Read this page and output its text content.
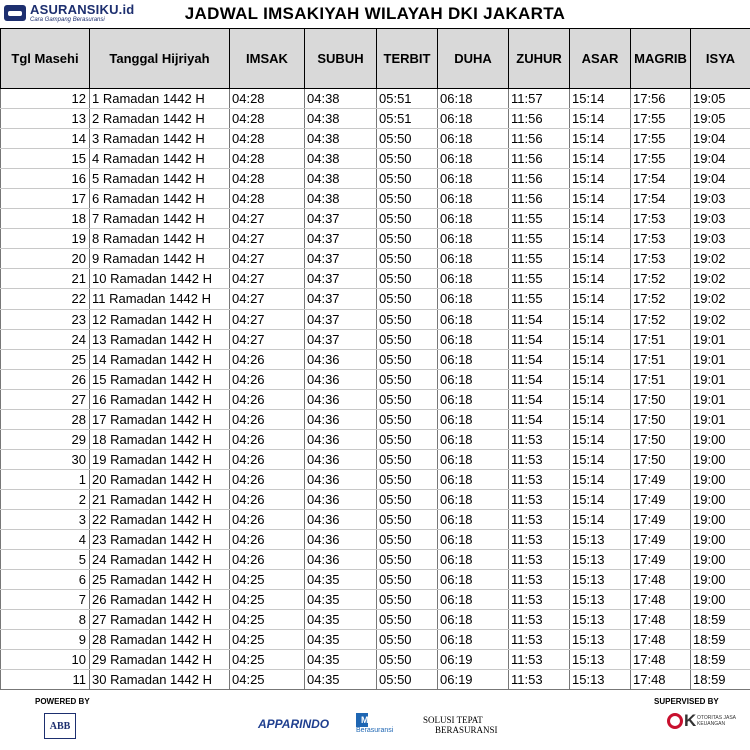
ASURANSIKU.id
Cara Gampang Berasuransi	JADWAL IMSAKIYAH WILAYAH DKI JAKARTA
Tgl Masehi	Tanggal Hijriyah	IMSAK	SUBUH	TERBIT	DUHA	ZUHUR	ASAR	MAGRIB	ISYA
12	1 Ramadan 1442 H	04:28	04:38	05:51	06:18	11:57	15:14	17:56	19:05
13	2 Ramadan 1442 H	04:28	04:38	05:51	06:18	11:56	15:14	17:55	19:05
14	3 Ramadan 1442 H	04:28	04:38	05:50	06:18	11:56	15:14	17:55	19:04
15	4 Ramadan 1442 H	04:28	04:38	05:50	06:18	11:56	15:14	17:55	19:04
16	5 Ramadan 1442 H	04:28	04:38	05:50	06:18	11:56	15:14	17:54	19:04
17	6 Ramadan 1442 H	04:28	04:38	05:50	06:18	11:56	15:14	17:54	19:03
18	7 Ramadan 1442 H	04:27	04:37	05:50	06:18	11:55	15:14	17:53	19:03
19	8 Ramadan 1442 H	04:27	04:37	05:50	06:18	11:55	15:14	17:53	19:03
20	9 Ramadan 1442 H	04:27	04:37	05:50	06:18	11:55	15:14	17:53	19:02
21	10 Ramadan 1442 H	04:27	04:37	05:50	06:18	11:55	15:14	17:52	19:02
22	11 Ramadan 1442 H	04:27	04:37	05:50	06:18	11:55	15:14	17:52	19:02
23	12 Ramadan 1442 H	04:27	04:37	05:50	06:18	11:54	15:14	17:52	19:02
24	13 Ramadan 1442 H	04:27	04:37	05:50	06:18	11:54	15:14	17:51	19:01
25	14 Ramadan 1442 H	04:26	04:36	05:50	06:18	11:54	15:14	17:51	19:01
26	15 Ramadan 1442 H	04:26	04:36	05:50	06:18	11:54	15:14	17:51	19:01
27	16 Ramadan 1442 H	04:26	04:36	05:50	06:18	11:54	15:14	17:50	19:01
28	17 Ramadan 1442 H	04:26	04:36	05:50	06:18	11:54	15:14	17:50	19:01
29	18 Ramadan 1442 H	04:26	04:36	05:50	06:18	11:53	15:14	17:50	19:00
30	19 Ramadan 1442 H	04:26	04:36	05:50	06:18	11:53	15:14	17:50	19:00
1	20 Ramadan 1442 H	04:26	04:36	05:50	06:18	11:53	15:14	17:49	19:00
2	21 Ramadan 1442 H	04:26	04:36	05:50	06:18	11:53	15:14	17:49	19:00
3	22 Ramadan 1442 H	04:26	04:36	05:50	06:18	11:53	15:14	17:49	19:00
4	23 Ramadan 1442 H	04:26	04:36	05:50	06:18	11:53	15:13	17:49	19:00
5	24 Ramadan 1442 H	04:26	04:36	05:50	06:18	11:53	15:13	17:49	19:00
6	25 Ramadan 1442 H	04:25	04:35	05:50	06:18	11:53	15:13	17:48	19:00
7	26 Ramadan 1442 H	04:25	04:35	05:50	06:18	11:53	15:13	17:48	19:00
8	27 Ramadan 1442 H	04:25	04:35	05:50	06:18	11:53	15:13	17:48	18:59
9	28 Ramadan 1442 H	04:25	04:35	05:50	06:18	11:53	15:13	17:48	18:59
10	29 Ramadan 1442 H	04:25	04:35	05:50	06:19	11:53	15:13	17:48	18:59
11	30 Ramadan 1442 H	04:25	04:35	05:50	06:19	11:53	15:13	17:48	18:59
POWERED BY
ABB	APPARINDO	MARI
Berasuransi
SOLUSI TEPAT
BERASURANSI
SUPERVISED BY
K OTORITAS JASA KEUANGAN
